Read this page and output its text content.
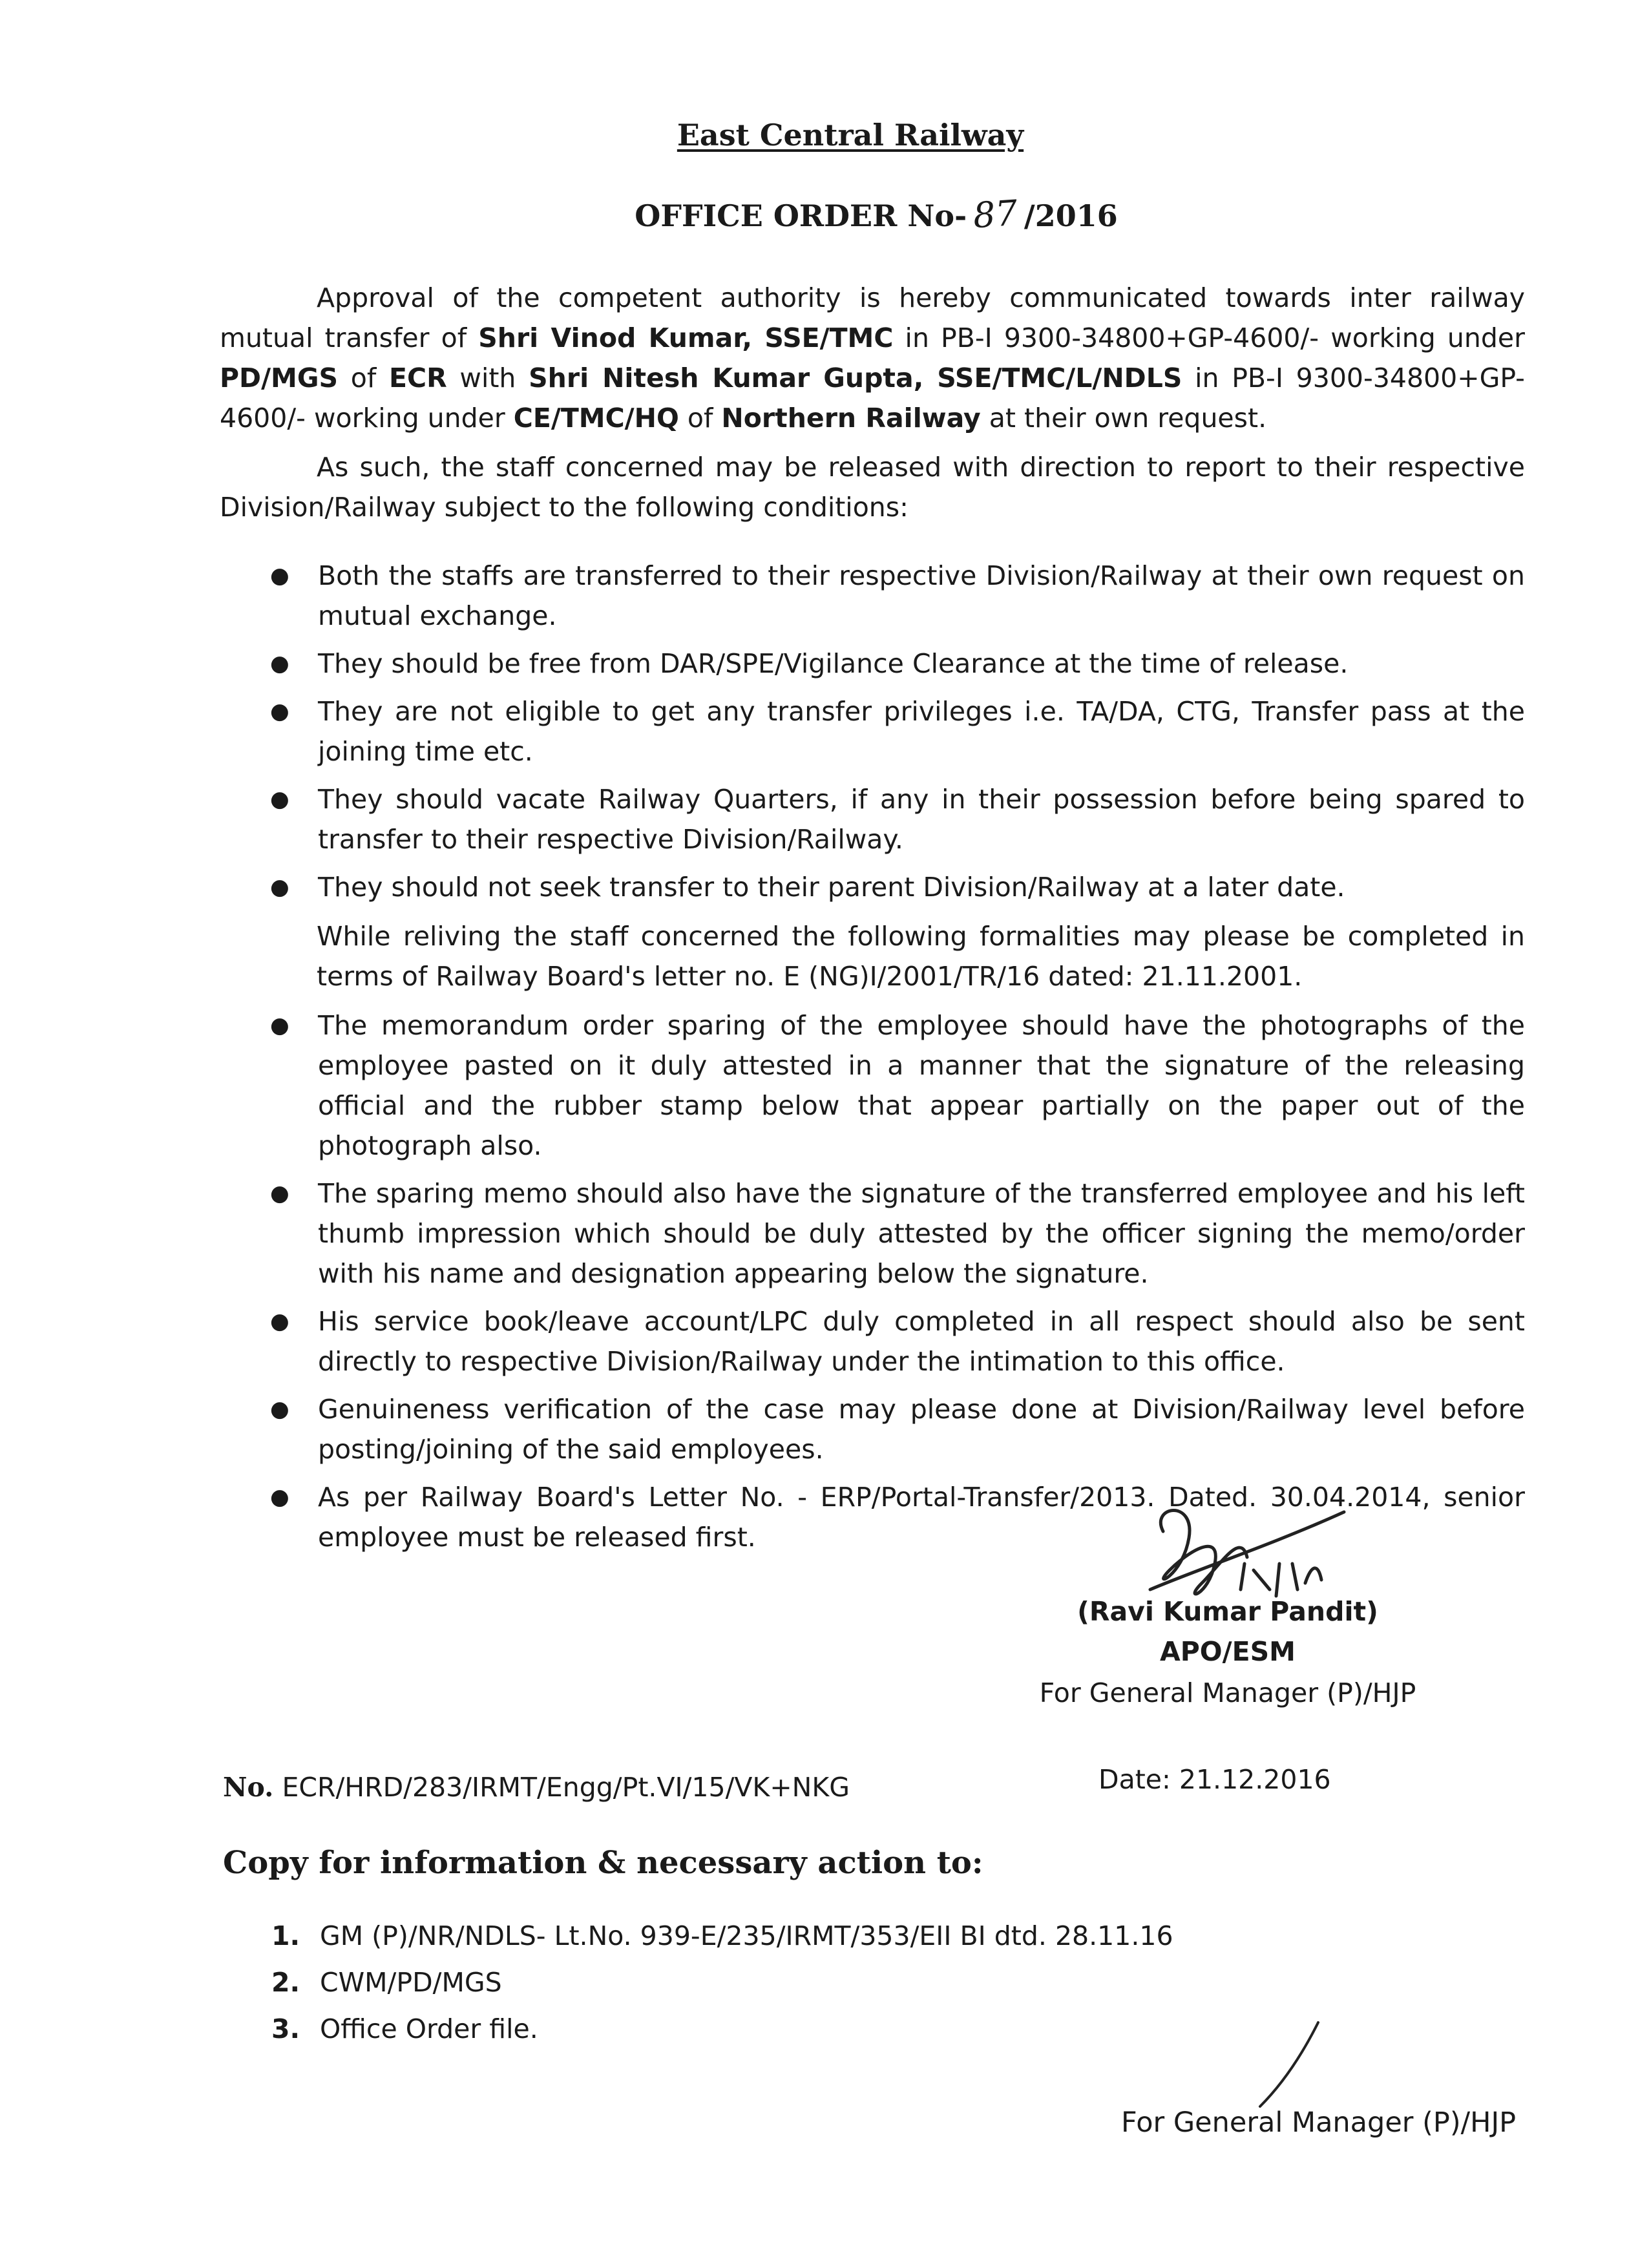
East Central Railway
OFFICE ORDER No- 87 /2016
Approval of the competent authority is hereby communicated towards inter railway mutual transfer of Shri Vinod Kumar, SSE/TMC in PB-I 9300-34800+GP-4600/- working under PD/MGS of ECR with Shri Nitesh Kumar Gupta, SSE/TMC/L/NDLS in PB-I 9300-34800+GP-4600/- working under CE/TMC/HQ of Northern Railway at their own request.
As such, the staff concerned may be released with direction to report to their respective Division/Railway subject to the following conditions:
● Both the staffs are transferred to their respective Division/Railway at their own request on mutual exchange.
● They should be free from DAR/SPE/Vigilance Clearance at the time of release.
● They are not eligible to get any transfer privileges i.e. TA/DA, CTG, Transfer pass at the joining time etc.
● They should vacate Railway Quarters, if any in their possession before being spared to transfer to their respective Division/Railway.
● They should not seek transfer to their parent Division/Railway at a later date.
While reliving the staff concerned the following formalities may please be completed in terms of Railway Board's letter no. E (NG)I/2001/TR/16 dated: 21.11.2001.
● The memorandum order sparing of the employee should have the photographs of the employee pasted on it duly attested in a manner that the signature of the releasing official and the rubber stamp below that appear partially on the paper out of the photograph also.
● The sparing memo should also have the signature of the transferred employee and his left thumb impression which should be duly attested by the officer signing the memo/order with his name and designation appearing below the signature.
● His service book/leave account/LPC duly completed in all respect should also be sent directly to respective Division/Railway under the intimation to this office.
● Genuineness verification of the case may please done at Division/Railway level before posting/joining of the said employees.
● As per Railway Board's Letter No. - ERP/Portal-Transfer/2013. Dated. 30.04.2014, senior employee must be released first.
(Ravi Kumar Pandit)
APO/ESM
For General Manager (P)/HJP
No. ECR/HRD/283/IRMT/Engg/Pt.VI/15/VK+NKG	Date: 21.12.2016
Copy for information & necessary action to:
1. GM (P)/NR/NDLS- Lt.No. 939-E/235/IRMT/353/EII BI dtd. 28.11.16
2. CWM/PD/MGS
3. Office Order file.
For General Manager (P)/HJP
